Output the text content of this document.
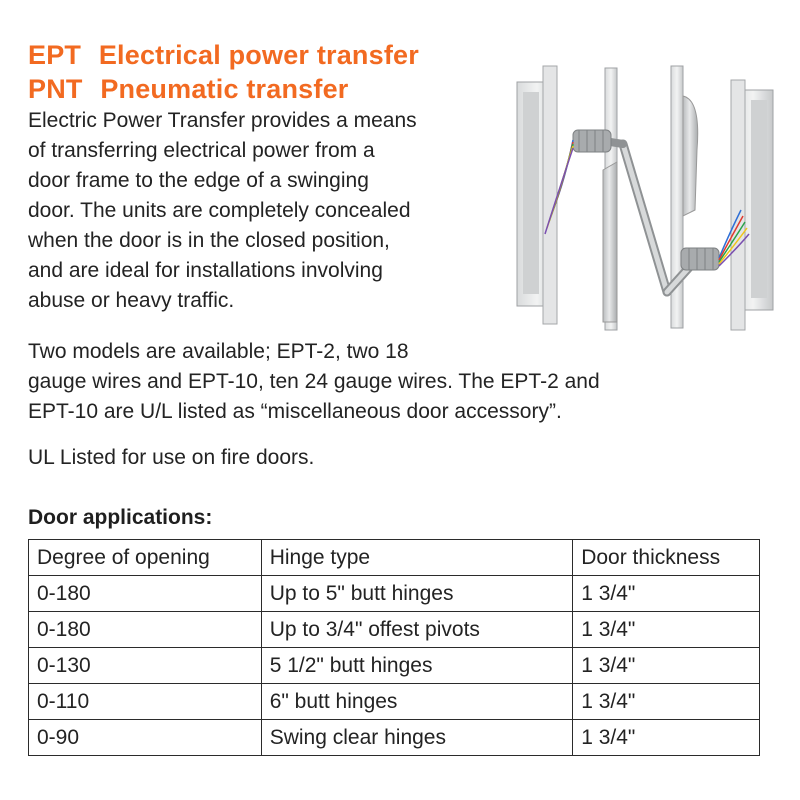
EPT Electrical power transfer
PNT Pneumatic transfer
Electric Power Transfer provides a means
of transferring electrical power from a
door frame to the edge of a swinging
door. The units are completely concealed
when the door is in the closed position,
and are ideal for installations involving
abuse or heavy traffic.
Two models are available; EPT-2, two 18
gauge wires and EPT-10, ten 24 gauge wires. The EPT-2 and
EPT-10 are U/L listed as “miscellaneous door accessory”.
UL Listed for use on fire doors.
Door applications:
Degree of opening	Hinge type	Door thickness
0-180	Up to 5" butt hinges	1 3/4"
0-180	Up to 3/4" offest pivots	1 3/4"
0-130	5 1/2" butt hinges	1 3/4"
0-110	6" butt hinges	1 3/4"
0-90	Swing clear hinges	1 3/4"
